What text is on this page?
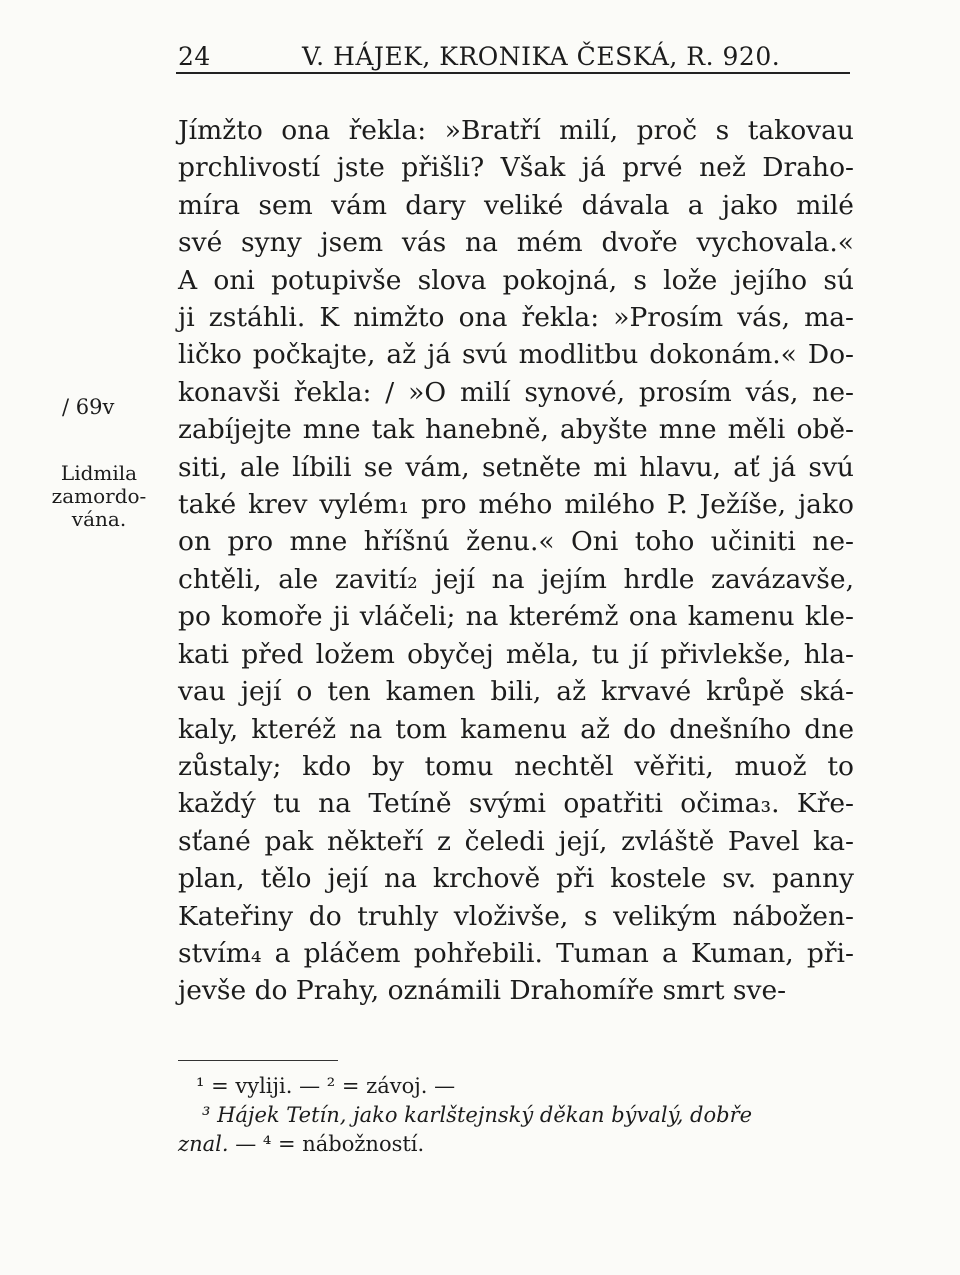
24	V. HÁJEK, KRONIKA ČESKÁ, R. 920.
/ 69v
Lidmila
zamordo-
vána.
Jímžto ona řekla: »Bratří milí, proč s takovau
prchlivostí jste přišli? Však já prvé než Draho-
míra sem vám dary veliké dávala a jako milé
své syny jsem vás na mém dvoře vychovala.«
A oni potupivše slova pokojná, s lože jejího sú
ji zstáhli. K nimžto ona řekla: »Prosím vás, ma-
ličko počkajte, až já svú modlitbu dokonám.« Do-
konavši řekla: / »O milí synové, prosím vás, ne-
zabíjejte mne tak hanebně, abyšte mne měli obě-
siti, ale líbili se vám, setněte mi hlavu, ať já svú
také krev vylém₁ pro mého milého P. Ježíše, jako
on pro mne hříšnú ženu.« Oni toho učiniti ne-
chtěli, ale zavití₂ její na jejím hrdle zavázavše,
po komoře ji vláčeli; na kterémž ona kamenu kle-
kati před ložem obyčej měla, tu jí přivlekše, hla-
vau její o ten kamen bili, až krvavé krůpě ská-
kaly, kteréž na tom kamenu až do dnešního dne
zůstaly; kdo by tomu nechtěl věřiti, muož to
každý tu na Tetíně svými opatřiti očima₃. Kře-
sťané pak někteří z čeledi její, zvláště Pavel ka-
plan, tělo její na krchově při kostele sv. panny
Kateřiny do truhly vloživše, s velikým nábožen-
stvím₄ a pláčem pohřebili. Tuman a Kuman, při-
jevše do Prahy, oznámili Drahomíře smrt sve-
¹ = vyliji. — ² = závoj. —
³ Hájek Tetín, jako karlštejnský děkan bývalý, dobře
znal. — ⁴ = nábožností.
